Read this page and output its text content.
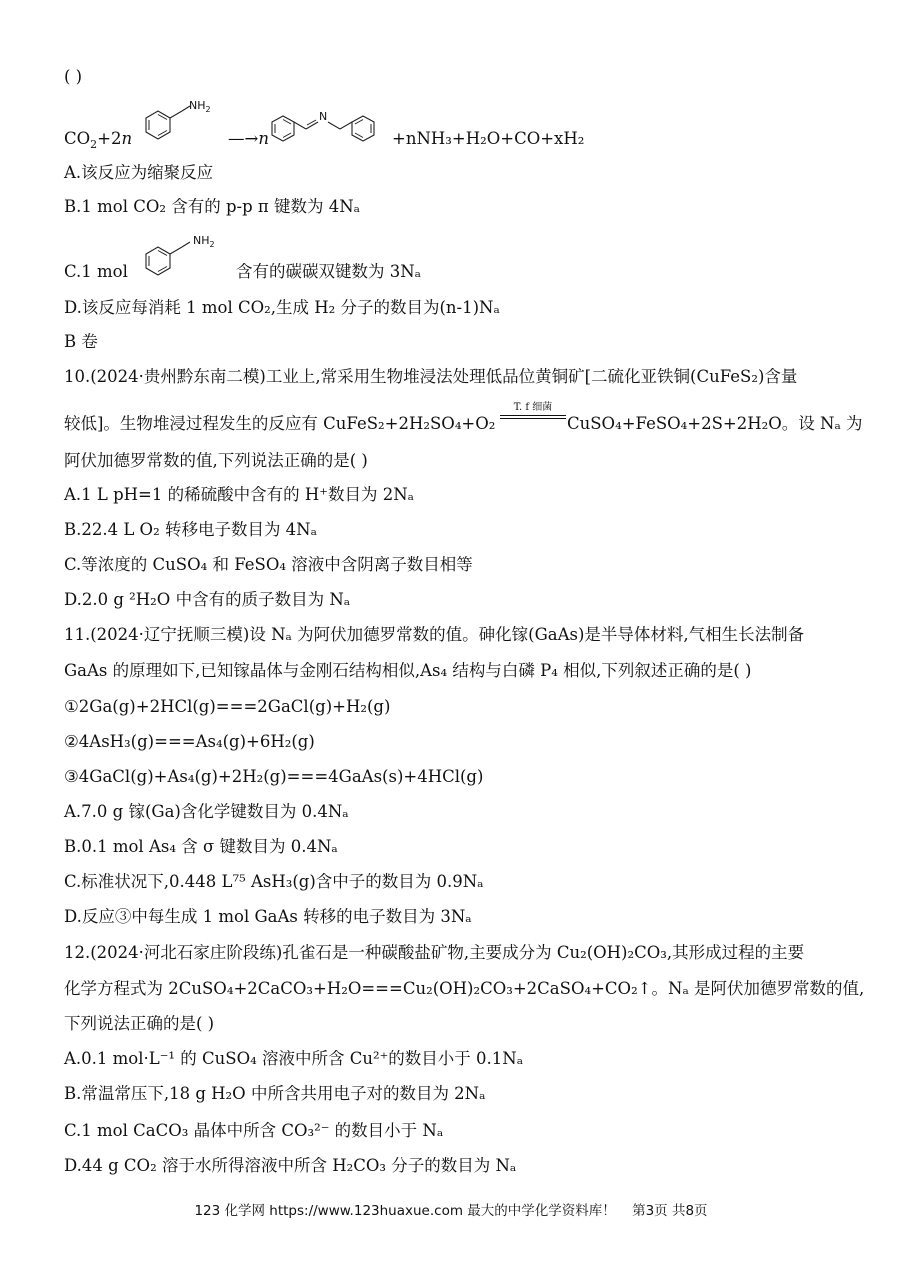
( )
$CO_2+2n$
$NH_2$
—→n
N
+nNH₃+H₂O+CO+xH₂
A.该反应为缩聚反应
B.1 mol CO₂ 含有的 p-p π 键数为 4Nₐ
C.1 mol
$NH_2$
含有的碳碳双键数为 3Nₐ
D.该反应每消耗 1 mol CO₂,生成 H₂ 分子的数目为(n-1)Nₐ
B 卷
10.(2024·贵州黔东南二模)工业上,常采用生物堆浸法处理低品位黄铜矿[二硫化亚铁铜(CuFeS₂)含量
较低]。生物堆浸过程发生的反应有 CuFeS₂+2H₂SO₄+O₂
T. f 细菌
CuSO₄+FeSO₄+2S+2H₂O。设 Nₐ 为
阿伏加德罗常数的值,下列说法正确的是( )
A.1 L pH=1 的稀硫酸中含有的 H⁺数目为 2Nₐ
B.22.4 L O₂ 转移电子数目为 4Nₐ
C.等浓度的 CuSO₄ 和 FeSO₄ 溶液中含阴离子数目相等
D.2.0 g ²H₂O 中含有的质子数目为 Nₐ
11.(2024·辽宁抚顺三模)设 Nₐ 为阿伏加德罗常数的值。砷化镓(GaAs)是半导体材料,气相生长法制备
GaAs 的原理如下,已知镓晶体与金刚石结构相似,As₄ 结构与白磷 P₄ 相似,下列叙述正确的是( )
①2Ga(g)+2HCl(g)===2GaCl(g)+H₂(g)
②4AsH₃(g)===As₄(g)+6H₂(g)
③4GaCl(g)+As₄(g)+2H₂(g)===4GaAs(s)+4HCl(g)
A.7.0 g 镓(Ga)含化学键数目为 0.4Nₐ
B.0.1 mol As₄ 含 σ 键数目为 0.4Nₐ
C.标准状况下,0.448 L⁷⁵ AsH₃(g)含中子的数目为 0.9Nₐ
D.反应③中每生成 1 mol GaAs 转移的电子数目为 3Nₐ
12.(2024·河北石家庄阶段练)孔雀石是一种碳酸盐矿物,主要成分为 Cu₂(OH)₂CO₃,其形成过程的主要
化学方程式为 2CuSO₄+2CaCO₃+H₂O===Cu₂(OH)₂CO₃+2CaSO₄+CO₂↑。Nₐ 是阿伏加德罗常数的值,
下列说法正确的是( )
A.0.1 mol·L⁻¹ 的 CuSO₄ 溶液中所含 Cu²⁺的数目小于 0.1Nₐ
B.常温常压下,18 g H₂O 中所含共用电子对的数目为 2Nₐ
C.1 mol CaCO₃ 晶体中所含 CO₃²⁻ 的数目小于 Nₐ
D.44 g CO₂ 溶于水所得溶液中所含 H₂CO₃ 分子的数目为 Nₐ
123 化学网 https://www.123huaxue.com 最大的中学化学资料库！ 第3页 共8页
